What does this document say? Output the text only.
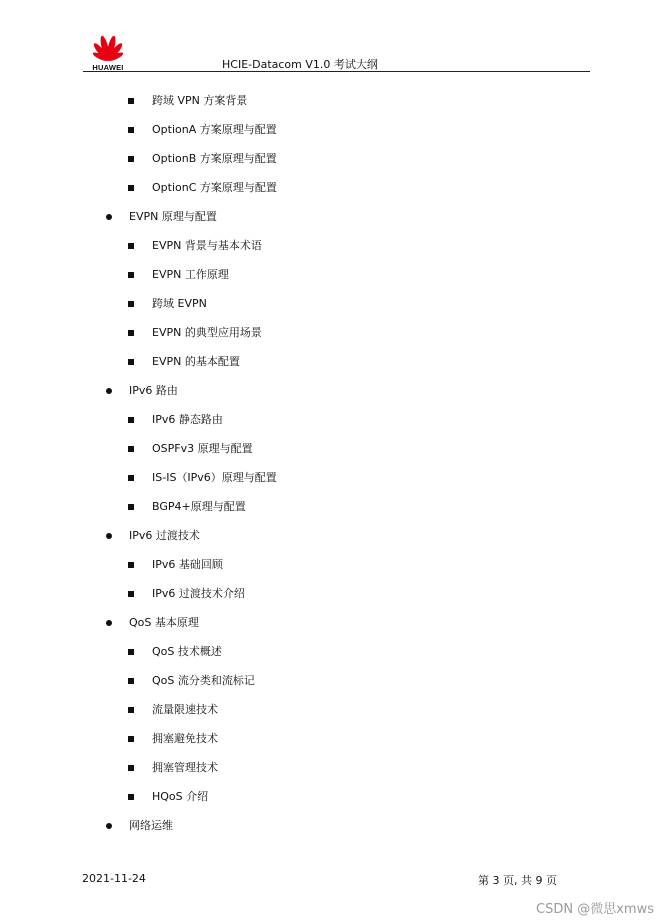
HUAWEI	HCIE-Datacom V1.0 考试大纲
跨域 VPN 方案背景
OptionA 方案原理与配置
OptionB 方案原理与配置
OptionC 方案原理与配置
EVPN 原理与配置
EVPN 背景与基本术语
EVPN 工作原理
跨域 EVPN
EVPN 的典型应用场景
EVPN 的基本配置
IPv6 路由
IPv6 静态路由
OSPFv3 原理与配置
IS-IS（IPv6）原理与配置
BGP4+原理与配置
IPv6 过渡技术
IPv6 基础回顾
IPv6 过渡技术介绍
QoS 基本原理
QoS 技术概述
QoS 流分类和流标记
流量限速技术
拥塞避免技术
拥塞管理技术
HQoS 介绍
网络运维
2021-11-24	第 3 页, 共 9 页
CSDN @微思xmws
